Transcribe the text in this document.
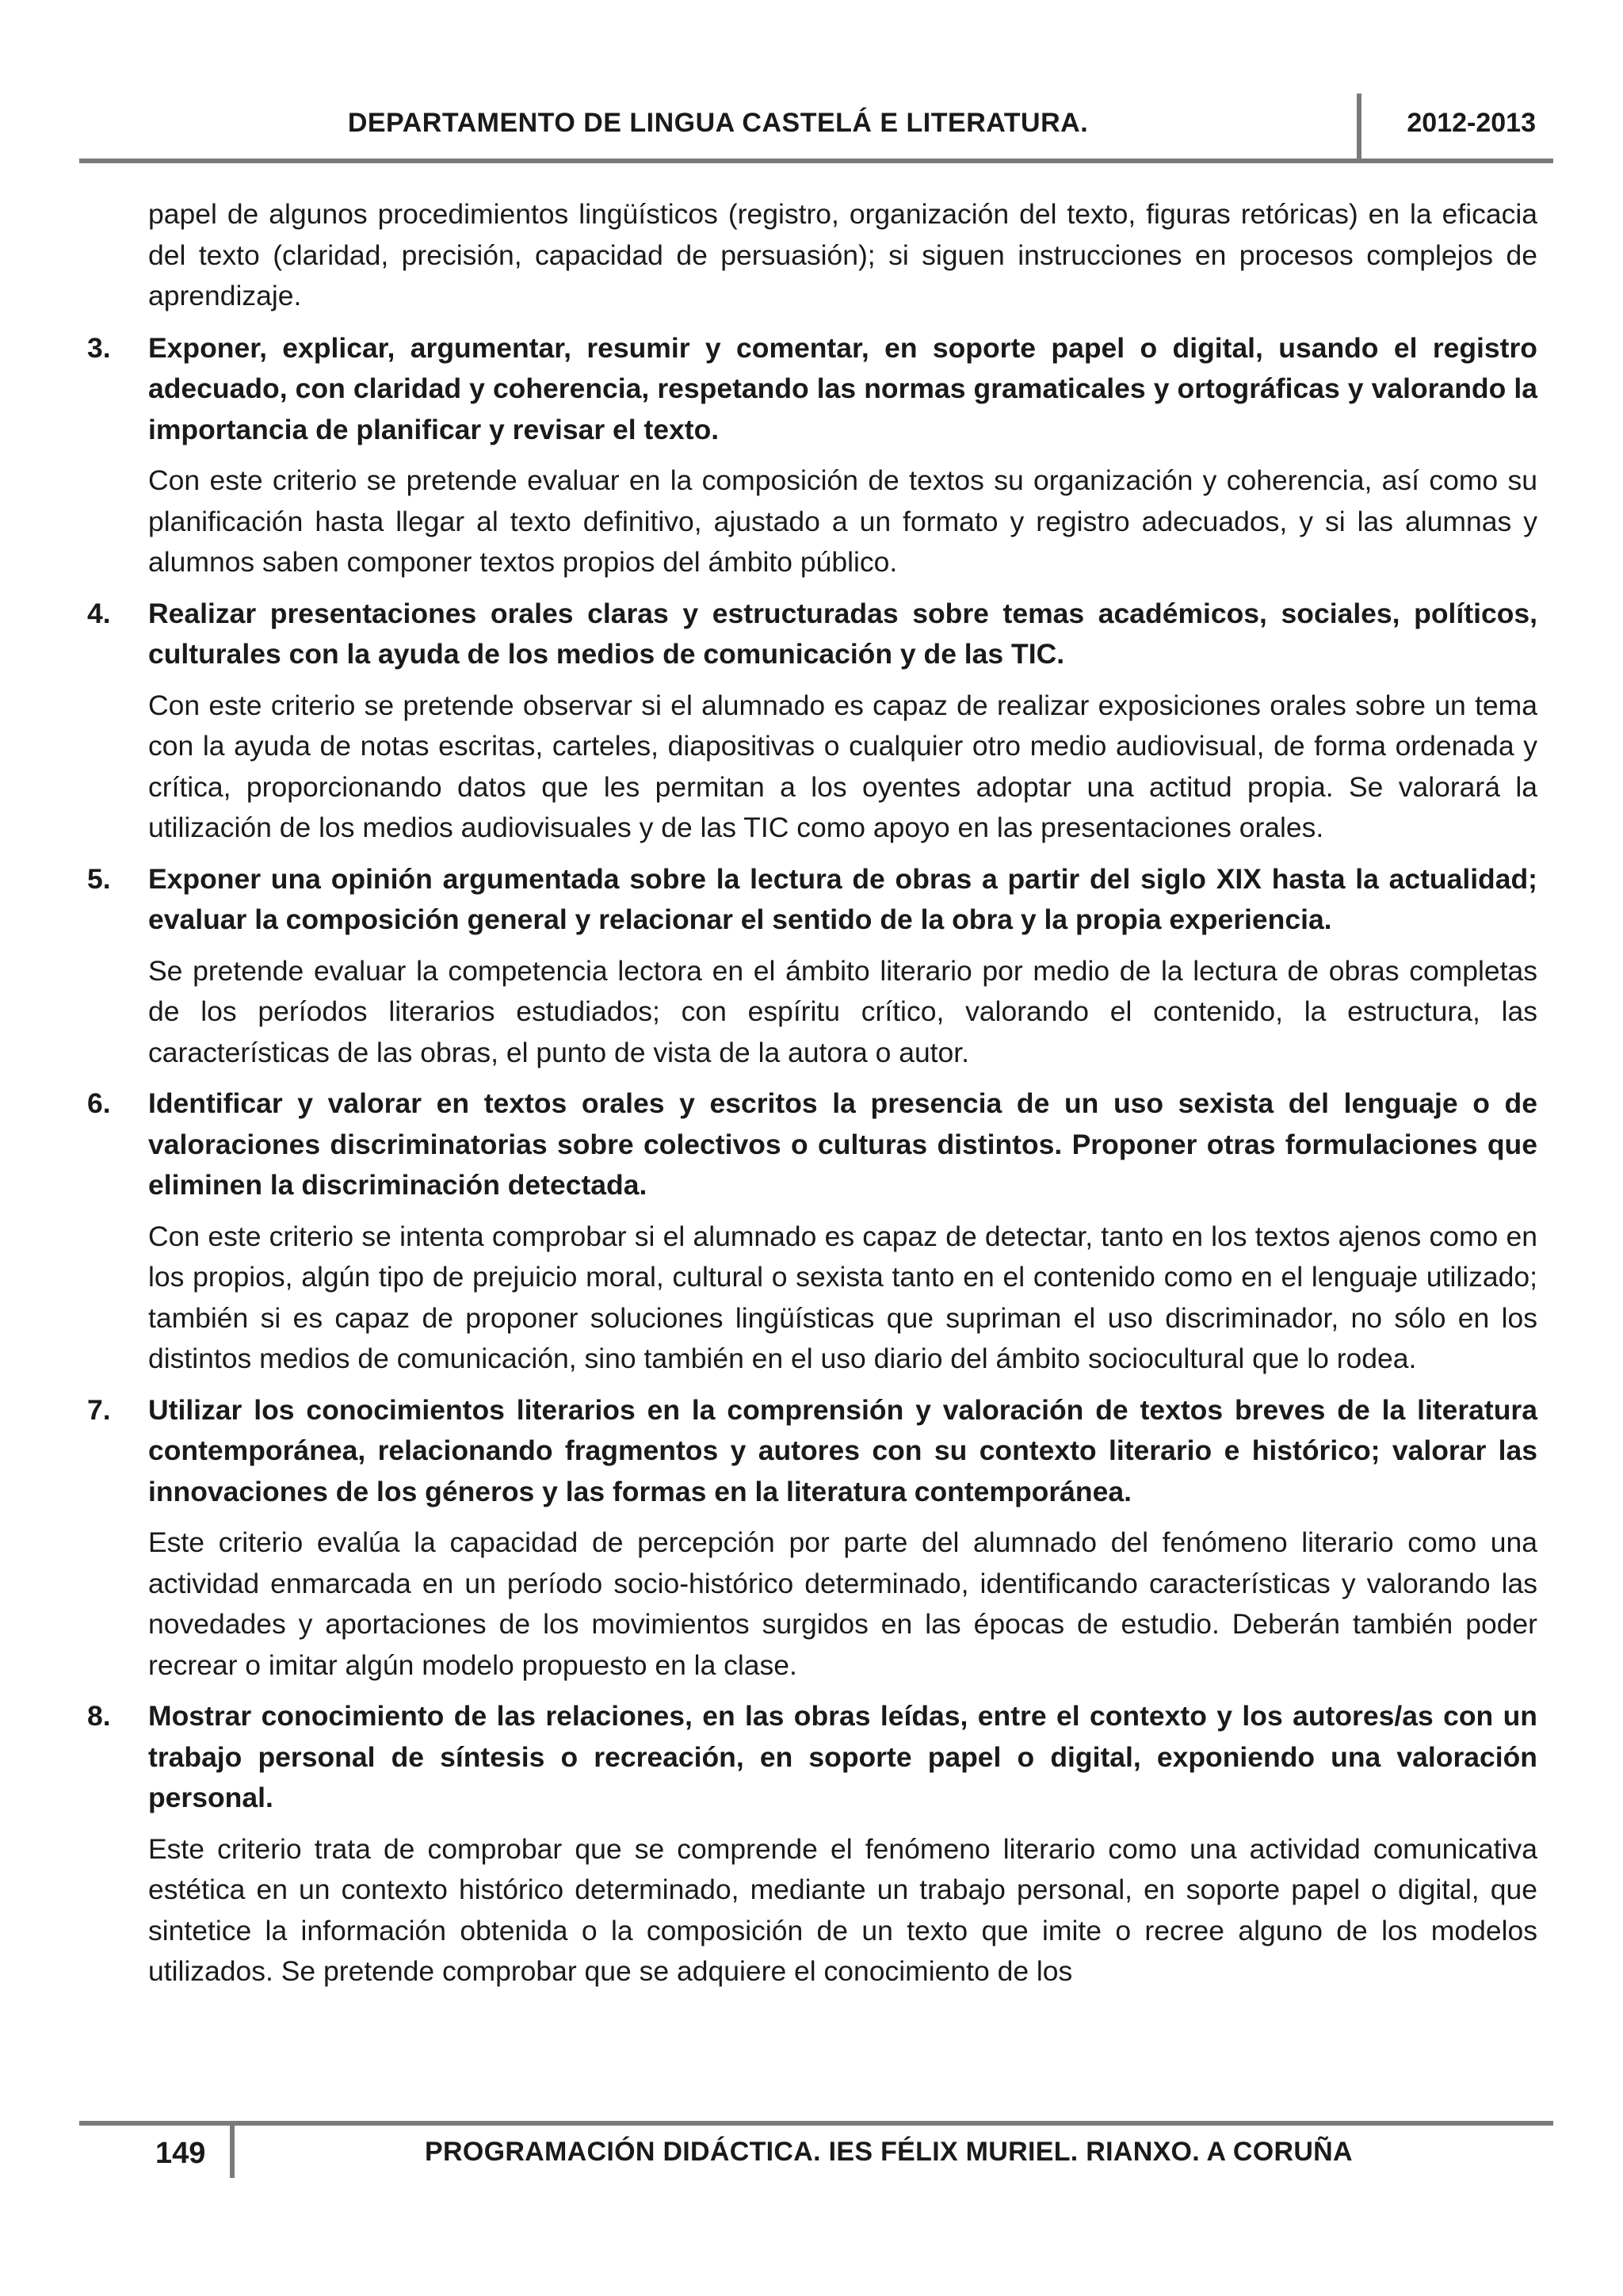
DEPARTAMENTO DE LINGUA CASTELÁ E LITERATURA.	2012-2013

papel de algunos procedimientos lingüísticos (registro, organización del texto, figuras retóricas) en la eficacia del texto (claridad, precisión, capacidad de persuasión); si siguen instrucciones en procesos complejos de aprendizaje.

3.	Exponer, explicar, argumentar, resumir y comentar, en soporte papel o digital, usando el registro adecuado, con claridad y coherencia, respetando las normas gramaticales y ortográficas y valorando la importancia de planificar y revisar el texto.

Con este criterio se pretende evaluar en la composición de textos su organización y coherencia, así como su planificación hasta llegar al texto definitivo, ajustado a un formato y registro adecuados, y si las alumnas y alumnos saben componer textos propios del ámbito público.

4.	Realizar presentaciones orales claras y estructuradas sobre temas académicos, sociales, políticos, culturales con la ayuda de los medios de comunicación y de las TIC.

Con este criterio se pretende observar si el alumnado es capaz de realizar exposiciones orales sobre un tema con la ayuda de notas escritas, carteles, diapositivas o cualquier otro medio audiovisual, de forma ordenada y crítica, proporcionando datos que les permitan a los oyentes adoptar una actitud propia. Se valorará la utilización de los medios audiovisuales y de las TIC como apoyo en las presentaciones orales.

5.	Exponer una opinión argumentada sobre la lectura de obras a partir del siglo XIX hasta la actualidad; evaluar la composición general y relacionar el sentido de la obra y la propia experiencia.

Se pretende evaluar la competencia lectora en el ámbito literario por medio de la lectura de obras completas de los períodos literarios estudiados; con espíritu crítico, valorando el contenido, la estructura, las características de las obras, el punto de vista de la autora o autor.

6.	Identificar y valorar en textos orales y escritos la presencia de un uso sexista del lenguaje o de valoraciones discriminatorias sobre colectivos o culturas distintos. Proponer otras formulaciones que eliminen la discriminación detectada.

Con este criterio se intenta comprobar si el alumnado es capaz de detectar, tanto en los textos ajenos como en los propios, algún tipo de prejuicio moral, cultural o sexista tanto en el contenido como en el lenguaje utilizado; también si es capaz de proponer soluciones lingüísticas que supriman el uso discriminador, no sólo en los distintos medios de comunicación, sino también en el uso diario del ámbito sociocultural que lo rodea.

7.	Utilizar los conocimientos literarios en la comprensión y valoración de textos breves de la literatura contemporánea, relacionando fragmentos y autores con su contexto literario e histórico; valorar las innovaciones de los géneros y las formas en la literatura contemporánea.

Este criterio evalúa la capacidad de percepción por parte del alumnado del fenómeno literario como una actividad enmarcada en un período socio-histórico determinado, identificando características y valorando las novedades y aportaciones de los movimientos surgidos en las épocas de estudio. Deberán también poder recrear o imitar algún modelo propuesto en la clase.

8.	Mostrar conocimiento de las relaciones, en las obras leídas, entre el contexto y los autores/as con un trabajo personal de síntesis o recreación, en soporte papel o digital, exponiendo una valoración personal.

Este criterio trata de comprobar que se comprende el fenómeno literario como una actividad comunicativa estética en un contexto histórico determinado, mediante un trabajo personal, en soporte papel o digital, que sintetice la información obtenida o la composición de un texto que imite o recree alguno de los modelos utilizados. Se pretende comprobar que se adquiere el conocimiento de los

149	PROGRAMACIÓN DIDÁCTICA. IES FÉLIX MURIEL. RIANXO. A CORUÑA
